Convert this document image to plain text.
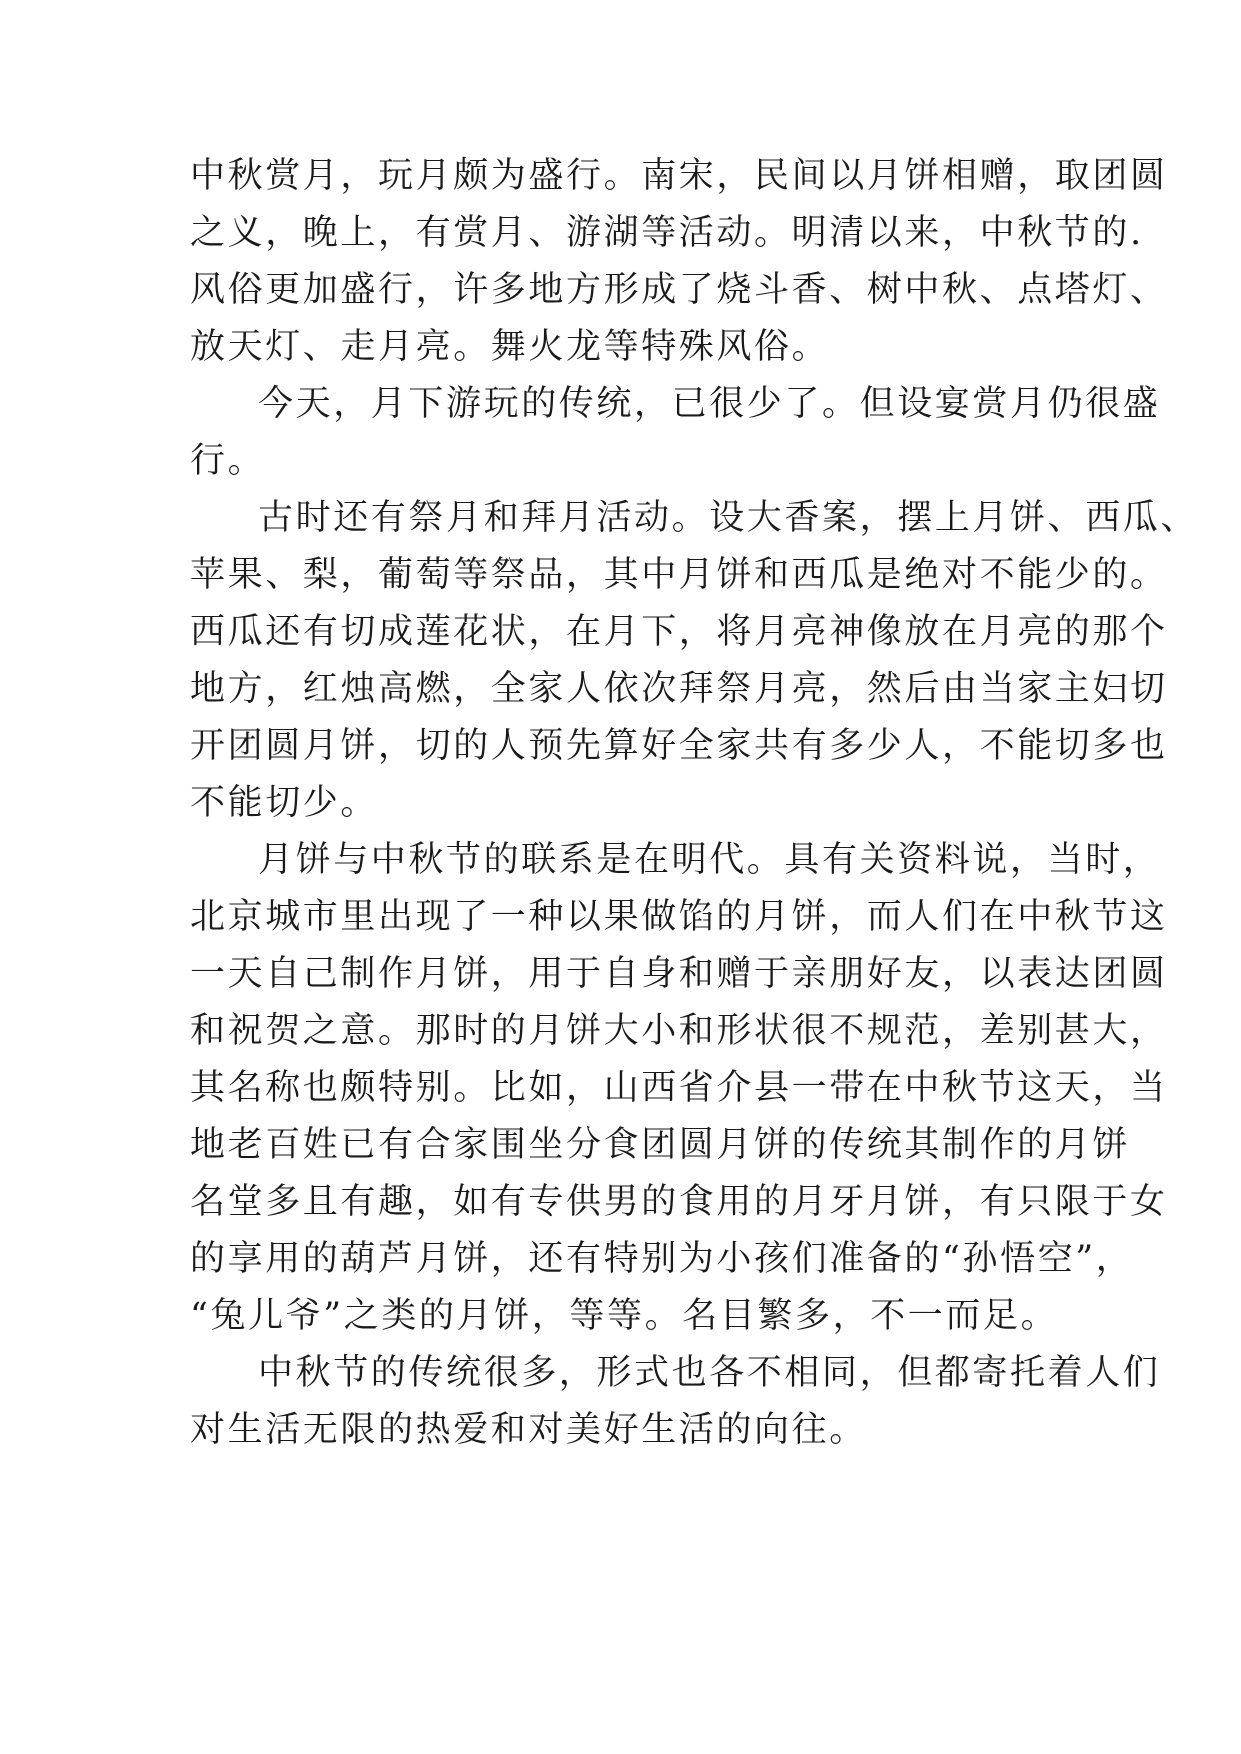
中秋赏月，玩月颇为盛行。南宋，民间以月饼相赠，取团圆
之义，晚上，有赏月、游湖等活动。明清以来，中秋节的.
风俗更加盛行，许多地方形成了烧斗香、树中秋、点塔灯、
放天灯、走月亮。舞火龙等特殊风俗。
今天，月下游玩的传统，已很少了。但设宴赏月仍很盛
行。
古时还有祭月和拜月活动。设大香案，摆上月饼、西瓜、
苹果、梨，葡萄等祭品，其中月饼和西瓜是绝对不能少的。
西瓜还有切成莲花状，在月下，将月亮神像放在月亮的那个
地方，红烛高燃，全家人依次拜祭月亮，然后由当家主妇切
开团圆月饼，切的人预先算好全家共有多少人，不能切多也
不能切少。
月饼与中秋节的联系是在明代。具有关资料说，当时，
北京城市里出现了一种以果做馅的月饼，而人们在中秋节这
一天自己制作月饼，用于自身和赠于亲朋好友，以表达团圆
和祝贺之意。那时的月饼大小和形状很不规范，差别甚大，
其名称也颇特别。比如，山西省介县一带在中秋节这天，当
地老百姓已有合家围坐分食团圆月饼的传统其制作的月饼
名堂多且有趣，如有专供男的食用的月牙月饼，有只限于女
的享用的葫芦月饼，还有特别为小孩们准备的“孙悟空”，
“兔儿爷”之类的月饼，等等。名目繁多，不一而足。
中秋节的传统很多，形式也各不相同，但都寄托着人们
对生活无限的热爱和对美好生活的向往。
